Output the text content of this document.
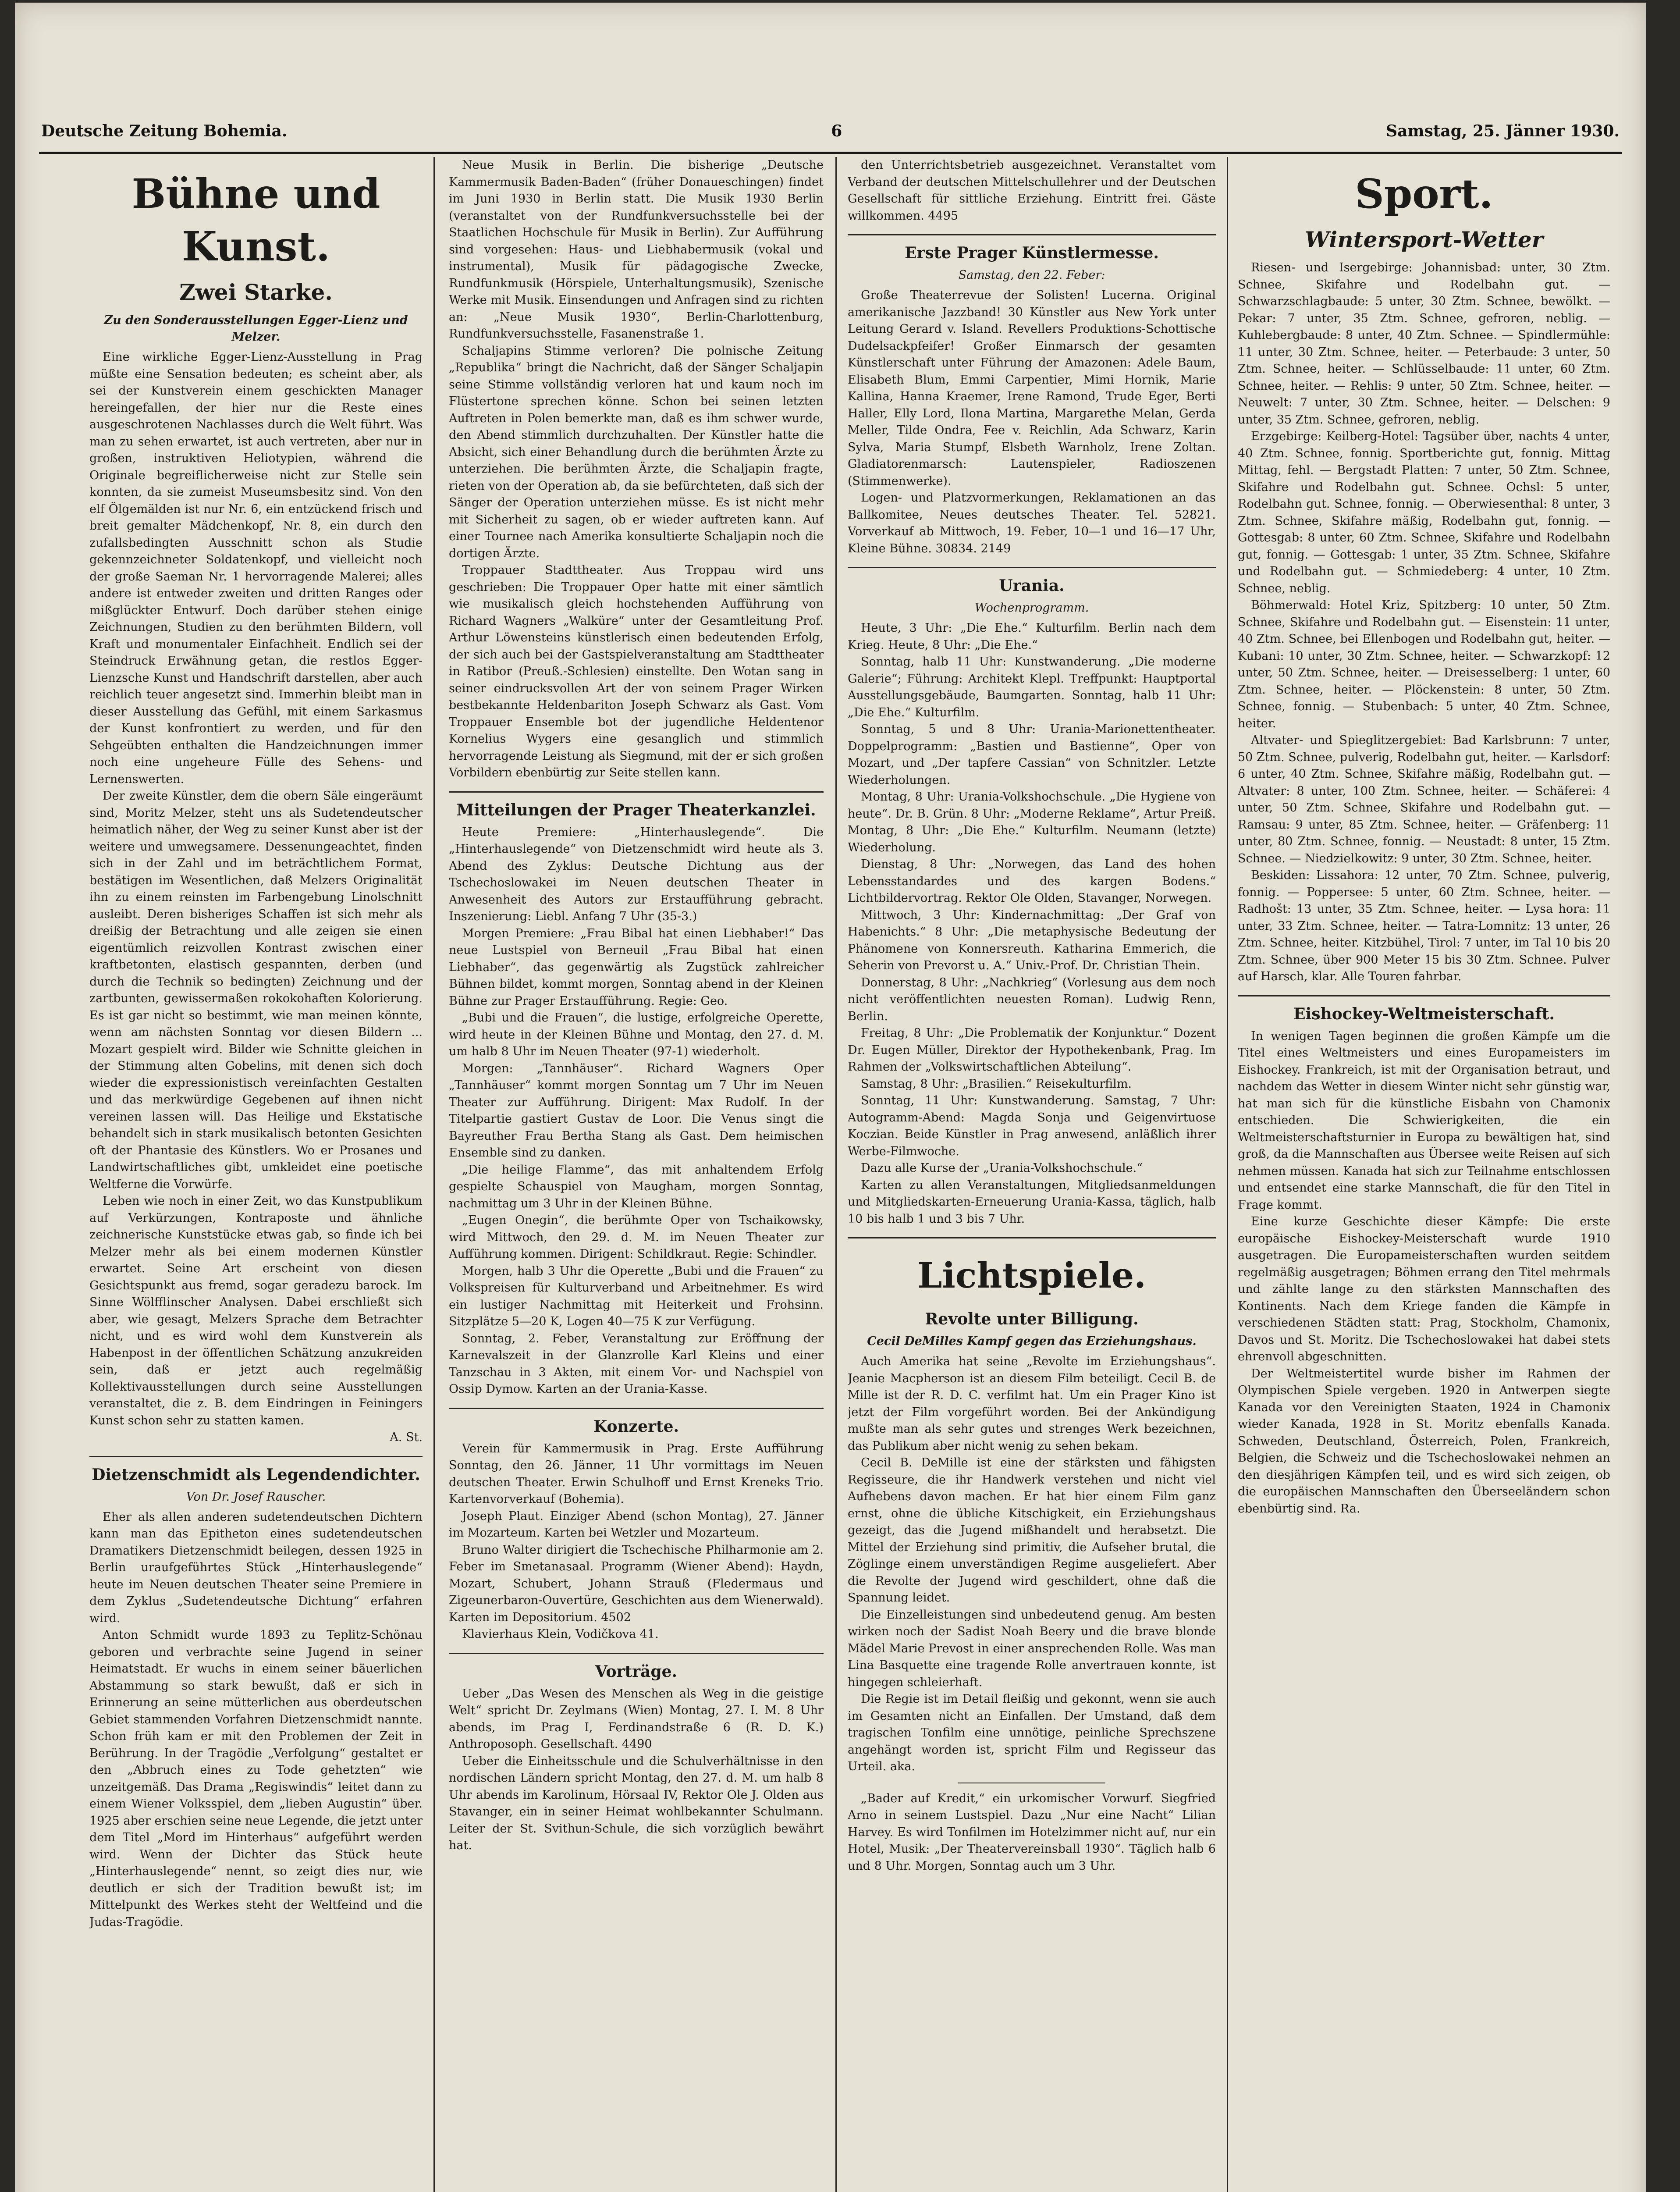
Deutsche Zeitung Bohemia.	6	Samstag, 25. Jänner 1930.
Bühne und Kunst.
Zwei Starke.
Zu den Sonderausstellungen Egger-Lienz und Melzer.

Eine wirkliche Egger-Lienz-Ausstellung in Prag müßte eine Sensation bedeuten; es scheint aber, als sei der Kunstverein einem geschickten Manager hereingefallen, der hier nur die Reste eines ausgeschrotenen Nachlasses durch die Welt führt. Was man zu sehen erwartet, ist auch vertreten, aber nur in großen, instruktiven Heliotypien, während die Originale begreiflicherweise nicht zur Stelle sein konnten, da sie zumeist Museumsbesitz sind. Von den elf Ölgemälden ist nur Nr. 6, ein entzückend frisch und breit gemalter Mädchenkopf, Nr. 8, ein durch den zufallsbedingten Ausschnitt schon als Studie gekennzeichneter Soldatenkopf, und vielleicht noch der große Saeman Nr. 1 hervorragende Malerei; alles andere ist entweder zweiten und dritten Ranges oder mißglückter Entwurf. Doch darüber stehen einige Zeichnungen, Studien zu den berühmten Bildern, voll Kraft und monumentaler Einfachheit. Endlich sei der Steindruck Erwähnung getan, die restlos Egger-Lienzsche Kunst und Handschrift darstellen, aber auch reichlich teuer angesetzt sind. Immerhin bleibt man in dieser Ausstellung das Gefühl, mit einem Sarkasmus der Kunst konfrontiert zu werden, und für den Sehgeübten enthalten die Handzeichnungen immer noch eine ungeheure Fülle des Sehens- und Lernenswerten.

Der zweite Künstler, dem die obern Säle eingeräumt sind, Moritz Melzer, steht uns als Sudetendeutscher heimatlich näher, der Weg zu seiner Kunst aber ist der weitere und umwegsamere. Dessenungeachtet, finden sich in der Zahl und im beträchtlichem Format, bestätigen im Wesentlichen, daß Melzers Originalität ihn zu einem reinsten im Farbengebung Linolschnitt ausleibt. Deren bisheriges Schaffen ist sich mehr als dreißig der Betrachtung und alle zeigen sie einen eigentümlich reizvollen Kontrast zwischen einer kraftbetonten, elastisch gespannten, derben (und durch die Technik so bedingten) Zeichnung und der zartbunten, gewissermaßen rokokohaften Kolorierung. Es ist gar nicht so bestimmt, wie man meinen könnte, wenn am nächsten Sonntag vor diesen Bildern ... Mozart gespielt wird. Bilder wie Schnitte gleichen in der Stimmung alten Gobelins, mit denen sich doch wieder die expressionistisch vereinfachten Gestalten und das merkwürdige Gegebenen auf ihnen nicht vereinen lassen will. Das Heilige und Ekstatische behandelt sich in stark musikalisch betonten Gesichten oft der Phantasie des Künstlers. Wo er Prosanes und Landwirtschaftliches gibt, umkleidet eine poetische Weltferne die Vorwürfe.

Leben wie noch in einer Zeit, wo das Kunstpublikum auf Verkürzungen, Kontraposte und ähnliche zeichnerische Kunststücke etwas gab, so finde ich bei Melzer mehr als bei einem modernen Künstler erwartet. Seine Art erscheint von diesen Gesichtspunkt aus fremd, sogar geradezu barock. Im Sinne Wölfflinscher Analysen. Dabei erschließt sich aber, wie gesagt, Melzers Sprache dem Betrachter nicht, und es wird wohl dem Kunstverein als Habenpost in der öffentlichen Schätzung anzukreiden sein, daß er jetzt auch regelmäßig Kollektivausstellungen durch seine Ausstellungen veranstaltet, die z. B. dem Eindringen in Feiningers Kunst schon sehr zu statten kamen.

A. St.
Dietzenschmidt als Legendendichter.
Von Dr. Josef Rauscher.

Eher als allen anderen sudetendeutschen Dichtern kann man das Epitheton eines sudetendeutschen Dramatikers Dietzenschmidt beilegen, dessen 1925 in Berlin uraufgeführtes Stück „Hinterhauslegende“ heute im Neuen deutschen Theater seine Premiere in dem Zyklus „Sudetendeutsche Dichtung“ erfahren wird.

Anton Schmidt wurde 1893 zu Teplitz-Schönau geboren und verbrachte seine Jugend in seiner Heimatstadt. Er wuchs in einem seiner bäuerlichen Abstammung so stark bewußt, daß er sich in Erinnerung an seine mütterlichen aus oberdeutschen Gebiet stammenden Vorfahren Dietzenschmidt nannte. Schon früh kam er mit den Problemen der Zeit in Berührung. In der Tragödie „Verfolgung“ gestaltet er den „Abbruch eines zu Tode gehetzten“ wie unzeitgemäß. Das Drama „Regiswindis“ leitet dann zu einem Wiener Volksspiel, dem „lieben Augustin“ über. 1925 aber erschien seine neue Legende, die jetzt unter dem Titel „Mord im Hinterhaus“ aufgeführt werden wird. Wenn der Dichter das Stück heute „Hinterhauslegende“ nennt, so zeigt dies nur, wie deutlich er sich der Tradition bewußt ist; im Mittelpunkt des Werkes steht der Weltfeind und die Judas-Tragödie.

Neue Musik in Berlin. Die bisherige „Deutsche Kammermusik Baden-Baden“ (früher Donaueschingen) findet im Juni 1930 in Berlin statt. Die Musik 1930 Berlin (veranstaltet von der Rundfunkversuchsstelle bei der Staatlichen Hochschule für Musik in Berlin). Zur Aufführung sind vorgesehen: Haus- und Liebhabermusik (vokal und instrumental), Musik für pädagogische Zwecke, Rundfunkmusik (Hörspiele, Unterhaltungsmusik), Szenische Werke mit Musik. Einsendungen und Anfragen sind zu richten an: „Neue Musik 1930“, Berlin-Charlottenburg, Rundfunkversuchsstelle, Fasanenstraße 1.

Schaljapins Stimme verloren? Die polnische Zeitung „Republika“ bringt die Nachricht, daß der Sänger Schaljapin seine Stimme vollständig verloren hat und kaum noch im Flüstertone sprechen könne. Schon bei seinen letzten Auftreten in Polen bemerkte man, daß es ihm schwer wurde, den Abend stimmlich durchzuhalten. Der Künstler hatte die Absicht, sich einer Behandlung durch die berühmten Ärzte zu unterziehen. Die berühmten Ärzte, die Schaljapin fragte, rieten von der Operation ab, da sie befürchteten, daß sich der Sänger der Operation unterziehen müsse. Es ist nicht mehr mit Sicherheit zu sagen, ob er wieder auftreten kann. Auf einer Tournee nach Amerika konsultierte Schaljapin noch die dortigen Ärzte.

Troppauer Stadttheater. Aus Troppau wird uns geschrieben: Die Troppauer Oper hatte mit einer sämtlich wie musikalisch gleich hochstehenden Aufführung von Richard Wagners „Walküre“ unter der Gesamtleitung Prof. Arthur Löwensteins künstlerisch einen bedeutenden Erfolg, der sich auch bei der Gastspielveranstaltung am Stadttheater in Ratibor (Preuß.-Schlesien) einstellte. Den Wotan sang in seiner eindrucksvollen Art der von seinem Prager Wirken bestbekannte Heldenbariton Joseph Schwarz als Gast. Vom Troppauer Ensemble bot der jugendliche Heldentenor Kornelius Wygers eine gesanglich und stimmlich hervorragende Leistung als Siegmund, mit der er sich großen Vorbildern ebenbürtig zur Seite stellen kann.

Mitteilungen der Prager Theaterkanzlei.

Heute Premiere: „Hinterhauslegende“. Die „Hinterhauslegende“ von Dietzenschmidt wird heute als 3. Abend des Zyklus: Deutsche Dichtung aus der Tschechoslowakei im Neuen deutschen Theater in Anwesenheit des Autors zur Erstaufführung gebracht. Inszenierung: Liebl. Anfang 7 Uhr (35-3.)

Morgen Premiere: „Frau Bibal hat einen Liebhaber!“ Das neue Lustspiel von Berneuil „Frau Bibal hat einen Liebhaber“, das gegenwärtig als Zugstück zahlreicher Bühnen bildet, kommt morgen, Sonntag abend in der Kleinen Bühne zur Prager Erstaufführung. Regie: Geo.

„Bubi und die Frauen“, die lustige, erfolgreiche Operette, wird heute in der Kleinen Bühne und Montag, den 27. d. M. um halb 8 Uhr im Neuen Theater (97-1) wiederholt.

Morgen: „Tannhäuser“. Richard Wagners Oper „Tannhäuser“ kommt morgen Sonntag um 7 Uhr im Neuen Theater zur Aufführung. Dirigent: Max Rudolf. In der Titelpartie gastiert Gustav de Loor. Die Venus singt die Bayreuther Frau Bertha Stang als Gast. Dem heimischen Ensemble sind zu danken.

„Die heilige Flamme“, das mit anhaltendem Erfolg gespielte Schauspiel von Maugham, morgen Sonntag, nachmittag um 3 Uhr in der Kleinen Bühne.

„Eugen Onegin“, die berühmte Oper von Tschaikowsky, wird Mittwoch, den 29. d. M. im Neuen Theater zur Aufführung kommen. Dirigent: Schildkraut. Regie: Schindler.

Morgen, halb 3 Uhr die Operette „Bubi und die Frauen“ zu Volkspreisen für Kulturverband und Arbeitnehmer. Es wird ein lustiger Nachmittag mit Heiterkeit und Frohsinn. Sitzplätze 5—20 K, Logen 40—75 K zur Verfügung.

Sonntag, 2. Feber, Veranstaltung zur Eröffnung der Karnevalszeit in der Glanzrolle Karl Kleins und einer Tanzschau in 3 Akten, mit einem Vor- und Nachspiel von Ossip Dymow. Karten an der Urania-Kasse.

Konzerte.

Verein für Kammermusik in Prag. Erste Aufführung Sonntag, den 26. Jänner, 11 Uhr vormittags im Neuen deutschen Theater. Erwin Schulhoff und Ernst Kreneks Trio. Kartenvorverkauf (Bohemia).

Joseph Plaut. Einziger Abend (schon Montag), 27. Jänner im Mozarteum. Karten bei Wetzler und Mozarteum.

Bruno Walter dirigiert die Tschechische Philharmonie am 2. Feber im Smetanasaal. Programm (Wiener Abend): Haydn, Mozart, Schubert, Johann Strauß (Fledermaus und Zigeunerbaron-Ouvertüre, Geschichten aus dem Wienerwald). Karten im Depositorium. 4502

Klavierhaus Klein, Vodičkova 41.

Vorträge.

Ueber „Das Wesen des Menschen als Weg in die geistige Welt“ spricht Dr. Zeylmans (Wien) Montag, 27. I. M. 8 Uhr abends, im Prag I, Ferdinandstraße 6 (R. D. K.) Anthroposoph. Gesellschaft. 4490

Ueber die Einheitsschule und die Schulverhältnisse in den nordischen Ländern spricht Montag, den 27. d. M. um halb 8 Uhr abends im Karolinum, Hörsaal IV, Rektor Ole J. Olden aus Stavanger, ein in seiner Heimat wohlbekannter Schulmann. Leiter der St. Svithun-Schule, die sich vorzüglich bewährt hat.

den Unterrichtsbetrieb ausgezeichnet. Veranstaltet vom Verband der deutschen Mittelschullehrer und der Deutschen Gesellschaft für sittliche Erziehung. Eintritt frei. Gäste willkommen. 4495

Erste Prager Künstlermesse.
Samstag, den 22. Feber:

Große Theaterrevue der Solisten! Lucerna. Original amerikanische Jazzband! 30 Künstler aus New York unter Leitung Gerard v. Island. Revellers Produktions-Schottische Dudelsackpfeifer! Großer Einmarsch der gesamten Künstlerschaft unter Führung der Amazonen: Adele Baum, Elisabeth Blum, Emmi Carpentier, Mimi Hornik, Marie Kallina, Hanna Kraemer, Irene Ramond, Trude Eger, Berti Haller, Elly Lord, Ilona Martina, Margarethe Melan, Gerda Meller, Tilde Ondra, Fee v. Reichlin, Ada Schwarz, Karin Sylva, Maria Stumpf, Elsbeth Warnholz, Irene Zoltan. Gladiatorenmarsch: Lautenspieler, Radioszenen (Stimmenwerke).

Logen- und Platzvormerkungen, Reklamationen an das Ballkomitee, Neues deutsches Theater. Tel. 52821. Vorverkauf ab Mittwoch, 19. Feber, 10—1 und 16—17 Uhr, Kleine Bühne. 30834. 2149

Urania.
Wochenprogramm.

Heute, 3 Uhr: „Die Ehe.“ Kulturfilm. Berlin nach dem Krieg. Heute, 8 Uhr: „Die Ehe.“

Sonntag, halb 11 Uhr: Kunstwanderung. „Die moderne Galerie“; Führung: Architekt Klepl. Treffpunkt: Hauptportal Ausstellungsgebäude, Baumgarten. Sonntag, halb 11 Uhr: „Die Ehe.“ Kulturfilm.

Sonntag, 5 und 8 Uhr: Urania-Marionettentheater. Doppelprogramm: „Bastien und Bastienne“, Oper von Mozart, und „Der tapfere Cassian“ von Schnitzler. Letzte Wiederholungen.

Montag, 8 Uhr: Urania-Volkshochschule. „Die Hygiene von heute“. Dr. B. Grün. 8 Uhr: „Moderne Reklame“, Artur Preiß. Montag, 8 Uhr: „Die Ehe.“ Kulturfilm. Neumann (letzte) Wiederholung.

Dienstag, 8 Uhr: „Norwegen, das Land des hohen Lebensstandardes und des kargen Bodens.“ Lichtbildervortrag. Rektor Ole Olden, Stavanger, Norwegen.

Mittwoch, 3 Uhr: Kindernachmittag: „Der Graf von Habenichts.“ 8 Uhr: „Die metaphysische Bedeutung der Phänomene von Konnersreuth. Katharina Emmerich, die Seherin von Prevorst u. A.“ Univ.-Prof. Dr. Christian Thein.

Donnerstag, 8 Uhr: „Nachkrieg“ (Vorlesung aus dem noch nicht veröffentlichten neuesten Roman). Ludwig Renn, Berlin.

Freitag, 8 Uhr: „Die Problematik der Konjunktur.“ Dozent Dr. Eugen Müller, Direktor der Hypothekenbank, Prag. Im Rahmen der „Volkswirtschaftlichen Abteilung“.

Samstag, 8 Uhr: „Brasilien.“ Reisekulturfilm.

Sonntag, 11 Uhr: Kunstwanderung. Samstag, 7 Uhr: Autogramm-Abend: Magda Sonja und Geigenvirtuose Koczian. Beide Künstler in Prag anwesend, anläßlich ihrer Werbe-Filmwoche.

Dazu alle Kurse der „Urania-Volkshochschule.“

Karten zu allen Veranstaltungen, Mitgliedsanmeldungen und Mitgliedskarten-Erneuerung Urania-Kassa, täglich, halb 10 bis halb 1 und 3 bis 7 Uhr.

Lichtspiele.
Revolte unter Billigung.
Cecil DeMilles Kampf gegen das Erziehungshaus.

Auch Amerika hat seine „Revolte im Erziehungshaus“. Jeanie Macpherson ist an diesem Film beteiligt. Cecil B. de Mille ist der R. D. C. verfilmt hat. Um ein Prager Kino ist jetzt der Film vorgeführt worden. Bei der Ankündigung mußte man als sehr gutes und strenges Werk bezeichnen, das Publikum aber nicht wenig zu sehen bekam.

Cecil B. DeMille ist eine der stärksten und fähigsten Regisseure, die ihr Handwerk verstehen und nicht viel Aufhebens davon machen. Er hat hier einem Film ganz ernst, ohne die übliche Kitschigkeit, ein Erziehungshaus gezeigt, das die Jugend mißhandelt und herabsetzt. Die Mittel der Erziehung sind primitiv, die Aufseher brutal, die Zöglinge einem unverständigen Regime ausgeliefert. Aber die Revolte der Jugend wird geschildert, ohne daß die Spannung leidet.

Die Einzelleistungen sind unbedeutend genug. Am besten wirken noch der Sadist Noah Beery und die brave blonde Mädel Marie Prevost in einer ansprechenden Rolle. Was man Lina Basquette eine tragende Rolle anvertrauen konnte, ist hingegen schleierhaft.

Die Regie ist im Detail fleißig und gekonnt, wenn sie auch im Gesamten nicht an Einfallen. Der Umstand, daß dem tragischen Tonfilm eine unnötige, peinliche Sprechszene angehängt worden ist, spricht Film und Regisseur das Urteil. aka.

„Bader auf Kredit,“ ein urkomischer Vorwurf. Siegfried Arno in seinem Lustspiel. Dazu „Nur eine Nacht“ Lilian Harvey. Es wird Tonfilmen im Hotelzimmer nicht auf, nur ein Hotel, Musik: „Der Theatervereinsball 1930“. Täglich halb 6 und 8 Uhr. Morgen, Sonntag auch um 3 Uhr.

Sport.
Wintersport-Wetter

Riesen- und Isergebirge: Johannisbad: unter, 30 Ztm. Schnee, Skifahre und Rodelbahn gut. — Schwarzschlagbaude: 5 unter, 30 Ztm. Schnee, bewölkt. — Pekar: 7 unter, 35 Ztm. Schnee, gefroren, neblig. — Kuhlebergbaude: 8 unter, 40 Ztm. Schnee. — Spindlermühle: 11 unter, 30 Ztm. Schnee, heiter. — Peterbaude: 3 unter, 50 Ztm. Schnee, heiter. — Schlüsselbaude: 11 unter, 60 Ztm. Schnee, heiter. — Rehlis: 9 unter, 50 Ztm. Schnee, heiter. — Neuwelt: 7 unter, 30 Ztm. Schnee, heiter. — Delschen: 9 unter, 35 Ztm. Schnee, gefroren, neblig.

Erzgebirge: Keilberg-Hotel: Tagsüber über, nachts 4 unter, 40 Ztm. Schnee, fonnig. Sportberichte gut, fonnig. Mittag Mittag, fehl. — Bergstadt Platten: 7 unter, 50 Ztm. Schnee, Skifahre und Rodelbahn gut. Schnee. Ochsl: 5 unter, Rodelbahn gut. Schnee, fonnig. — Oberwiesenthal: 8 unter, 3 Ztm. Schnee, Skifahre mäßig, Rodelbahn gut, fonnig. — Gottesgab: 8 unter, 60 Ztm. Schnee, Skifahre und Rodelbahn gut, fonnig. — Gottesgab: 1 unter, 35 Ztm. Schnee, Skifahre und Rodelbahn gut. — Schmiedeberg: 4 unter, 10 Ztm. Schnee, neblig.

Böhmerwald: Hotel Kriz, Spitzberg: 10 unter, 50 Ztm. Schnee, Skifahre und Rodelbahn gut. — Eisenstein: 11 unter, 40 Ztm. Schnee, bei Ellenbogen und Rodelbahn gut, heiter. — Kubani: 10 unter, 30 Ztm. Schnee, heiter. — Schwarzkopf: 12 unter, 50 Ztm. Schnee, heiter. — Dreisesselberg: 1 unter, 60 Ztm. Schnee, heiter. — Plöckenstein: 8 unter, 50 Ztm. Schnee, fonnig. — Stubenbach: 5 unter, 40 Ztm. Schnee, heiter.

Altvater- und Spieglitzergebiet: Bad Karlsbrunn: 7 unter, 50 Ztm. Schnee, pulverig, Rodelbahn gut, heiter. — Karlsdorf: 6 unter, 40 Ztm. Schnee, Skifahre mäßig, Rodelbahn gut. — Altvater: 8 unter, 100 Ztm. Schnee, heiter. — Schäferei: 4 unter, 50 Ztm. Schnee, Skifahre und Rodelbahn gut. — Ramsau: 9 unter, 85 Ztm. Schnee, heiter. — Gräfenberg: 11 unter, 80 Ztm. Schnee, fonnig. — Neustadt: 8 unter, 15 Ztm. Schnee. — Niedzielkowitz: 9 unter, 30 Ztm. Schnee, heiter.

Beskiden: Lissahora: 12 unter, 70 Ztm. Schnee, pulverig, fonnig. — Poppersee: 5 unter, 60 Ztm. Schnee, heiter. — Radhošt: 13 unter, 35 Ztm. Schnee, heiter. — Lysa hora: 11 unter, 33 Ztm. Schnee, heiter. — Tatra-Lomnitz: 13 unter, 26 Ztm. Schnee, heiter. Kitzbühel, Tirol: 7 unter, im Tal 10 bis 20 Ztm. Schnee, über 900 Meter 15 bis 30 Ztm. Schnee. Pulver auf Harsch, klar. Alle Touren fahrbar.

Eishockey-Weltmeisterschaft.

In wenigen Tagen beginnen die großen Kämpfe um die Titel eines Weltmeisters und eines Europameisters im Eishockey. Frankreich, ist mit der Organisation betraut, und nachdem das Wetter in diesem Winter nicht sehr günstig war, hat man sich für die künstliche Eisbahn von Chamonix entschieden. Die Schwierigkeiten, die ein Weltmeisterschaftsturnier in Europa zu bewältigen hat, sind groß, da die Mannschaften aus Übersee weite Reisen auf sich nehmen müssen. Kanada hat sich zur Teilnahme entschlossen und entsendet eine starke Mannschaft, die für den Titel in Frage kommt.

Eine kurze Geschichte dieser Kämpfe: Die erste europäische Eishockey-Meisterschaft wurde 1910 ausgetragen. Die Europameisterschaften wurden seitdem regelmäßig ausgetragen; Böhmen errang den Titel mehrmals und zählte lange zu den stärksten Mannschaften des Kontinents. Nach dem Kriege fanden die Kämpfe in verschiedenen Städten statt: Prag, Stockholm, Chamonix, Davos und St. Moritz. Die Tschechoslowakei hat dabei stets ehrenvoll abgeschnitten.

Der Weltmeistertitel wurde bisher im Rahmen der Olympischen Spiele vergeben. 1920 in Antwerpen siegte Kanada vor den Vereinigten Staaten, 1924 in Chamonix wieder Kanada, 1928 in St. Moritz ebenfalls Kanada. Schweden, Deutschland, Österreich, Polen, Frankreich, Belgien, die Schweiz und die Tschechoslowakei nehmen an den diesjährigen Kämpfen teil, und es wird sich zeigen, ob die europäischen Mannschaften den Überseeländern schon ebenbürtig sind. Ra.
